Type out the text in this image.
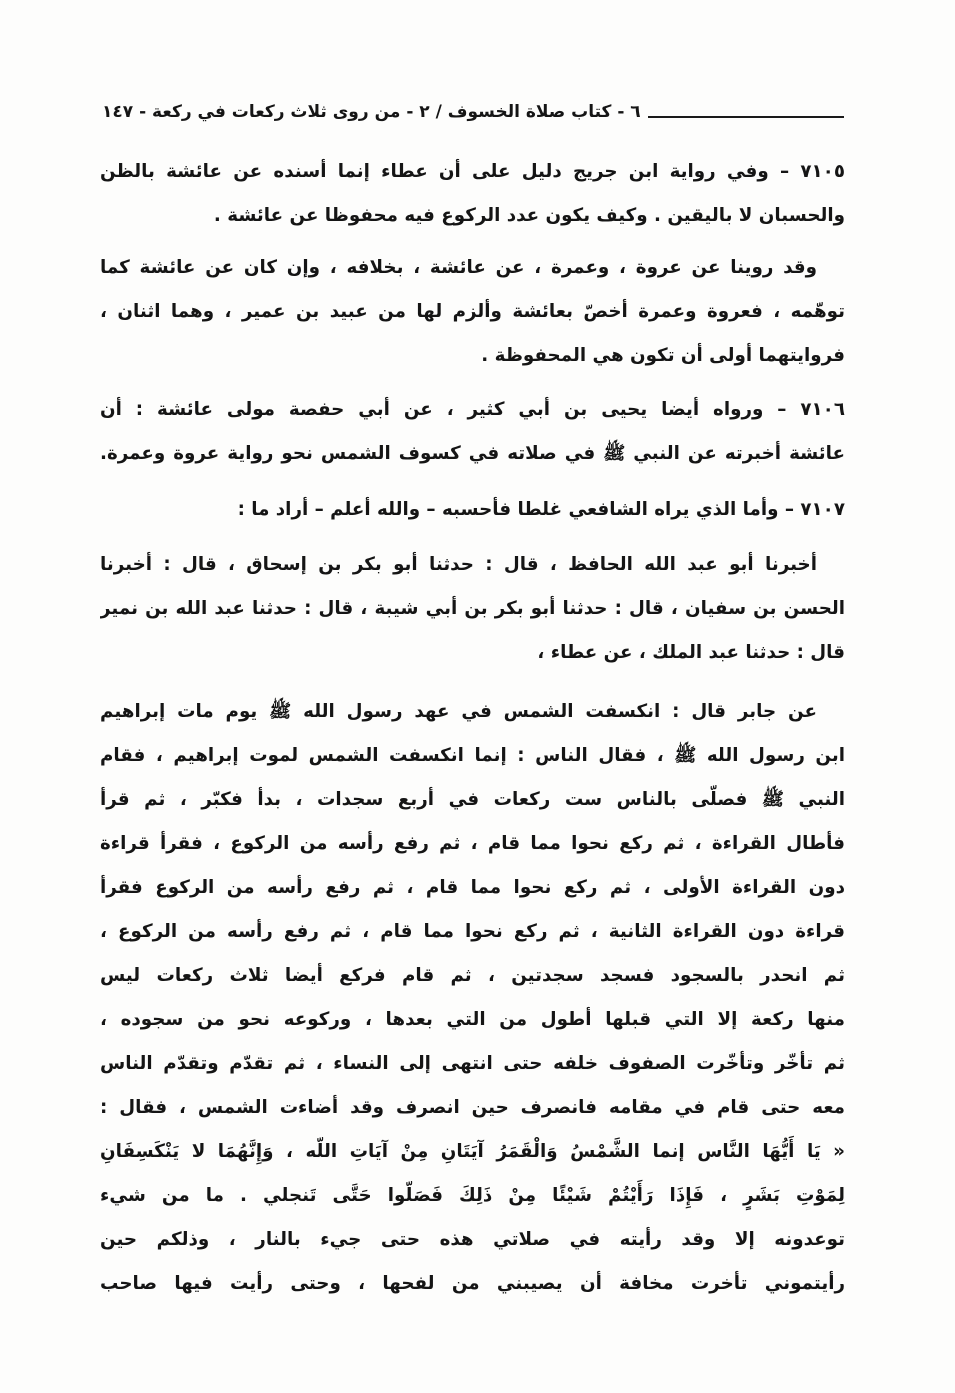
٦ - كتاب صلاة الخسوف / ٢ - من روى ثلاث ركعات في ركعة - ١٤٧
٧١٠٥ – وفي رواية ابن جريج دليل على أن عطاء إنما أسنده عن عائشة بالظن
والحسبان لا باليقين . وكيف يكون عدد الركوع فيه محفوظا عن عائشة .
وقد روينا عن عروة ، وعمرة ، عن عائشة ، بخلافه ، وإن كان عن عائشة كما
توهّمه ، فعروة وعمرة أخصّ بعائشة وألزم لها من عبيد بن عمير ، وهما اثنان ،
فروايتهما أولى أن تكون هي المحفوظة .
٧١٠٦ – ورواه أيضا يحيى بن أبي كثير ، عن أبي حفصة مولى عائشة : أن
عائشة أخبرته عن النبي ﷺ في صلاته في كسوف الشمس نحو رواية عروة وعمرة.
٧١٠٧ – وأما الذي يراه الشافعي غلطا فأحسبه – والله أعلم – أراد ما :
أخبرنا أبو عبد الله الحافظ ، قال : حدثنا أبو بكر بن إسحاق ، قال : أخبرنا
الحسن بن سفيان ، قال : حدثنا أبو بكر بن أبي شيبة ، قال : حدثنا عبد الله بن نمير
قال : حدثنا عبد الملك ، عن عطاء ،
عن جابر قال : انكسفت الشمس في عهد رسول الله ﷺ يوم مات إبراهيم
ابن رسول الله ﷺ ، فقال الناس : إنما انكسفت الشمس لموت إبراهيم ، فقام
النبي ﷺ فصلّى بالناس ست ركعات في أربع سجدات ، بدأ فكبّر ، ثم قرأ
فأطال القراءة ، ثم ركع نحوا مما قام ، ثم رفع رأسه من الركوع ، فقرأ قراءة
دون القراءة الأولى ، ثم ركع نحوا مما قام ، ثم رفع رأسه من الركوع فقرأ
قراءة دون القراءة الثانية ، ثم ركع نحوا مما قام ، ثم رفع رأسه من الركوع ،
ثم انحدر بالسجود فسجد سجدتين ، ثم قام فركع أيضا ثلاث ركعات ليس
منها ركعة إلا التي قبلها أطول من التي بعدها ، وركوعه نحو من سجوده ،
ثم تأخّر وتأخّرت الصفوف خلفه حتى انتهى إلى النساء ، ثم تقدّم وتقدّم الناس
معه حتى قام في مقامه فانصرف حين انصرف وقد أضاءت الشمس ، فقال :
« يَا أَيُّهَا النَّاس إنما الشَّمْسُ وَالْقَمَرُ آيَتَانِ مِنْ آيَاتِ اللّه ، وَإِنَّهُمَا لا يَنْكَسِفَانِ
لِمَوْتِ بَشَرٍ ، فَإِذَا رَأَيْتُمْ شَيْئًا مِنْ ذَلِكَ فَصَلّوا حَتَّى تَنجلي . ما من شيء
توعدونه إلا وقد رأيته في صلاتي هذه حتى جيء بالنار ، وذلكم حين
رأيتموني تأخرت مخافة أن يصيبني من لفحها ، وحتى رأيت فيها صاحب
